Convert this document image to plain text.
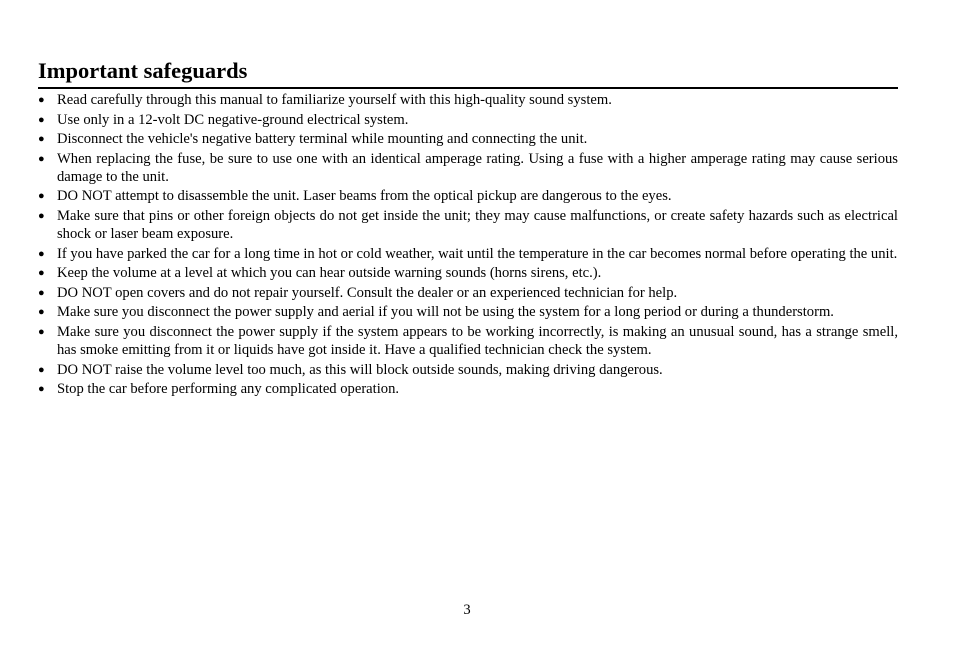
Important safeguards
● Read carefully through this manual to familiarize yourself with this high-quality sound system.
● Use only in a 12-volt DC negative-ground electrical system.
● Disconnect the vehicle's negative battery terminal while mounting and connecting the unit.
● When replacing the fuse, be sure to use one with an identical amperage rating. Using a fuse with a higher amperage rating may cause serious damage to the unit.
● DO NOT attempt to disassemble the unit. Laser beams from the optical pickup are dangerous to the eyes.
● Make sure that pins or other foreign objects do not get inside the unit; they may cause malfunctions, or create safety hazards such as electrical shock or laser beam exposure.
● If you have parked the car for a long time in hot or cold weather, wait until the temperature in the car becomes normal before operating the unit.
● Keep the volume at a level at which you can hear outside warning sounds (horns sirens, etc.).
● DO NOT open covers and do not repair yourself. Consult the dealer or an experienced technician for help.
● Make sure you disconnect the power supply and aerial if you will not be using the system for a long period or during a thunderstorm.
● Make sure you disconnect the power supply if the system appears to be working incorrectly, is making an unusual sound, has a strange smell, has smoke emitting from it or liquids have got inside it. Have a qualified technician check the system.
● DO NOT raise the volume level too much, as this will block outside sounds, making driving dangerous.
● Stop the car before performing any complicated operation.
3
